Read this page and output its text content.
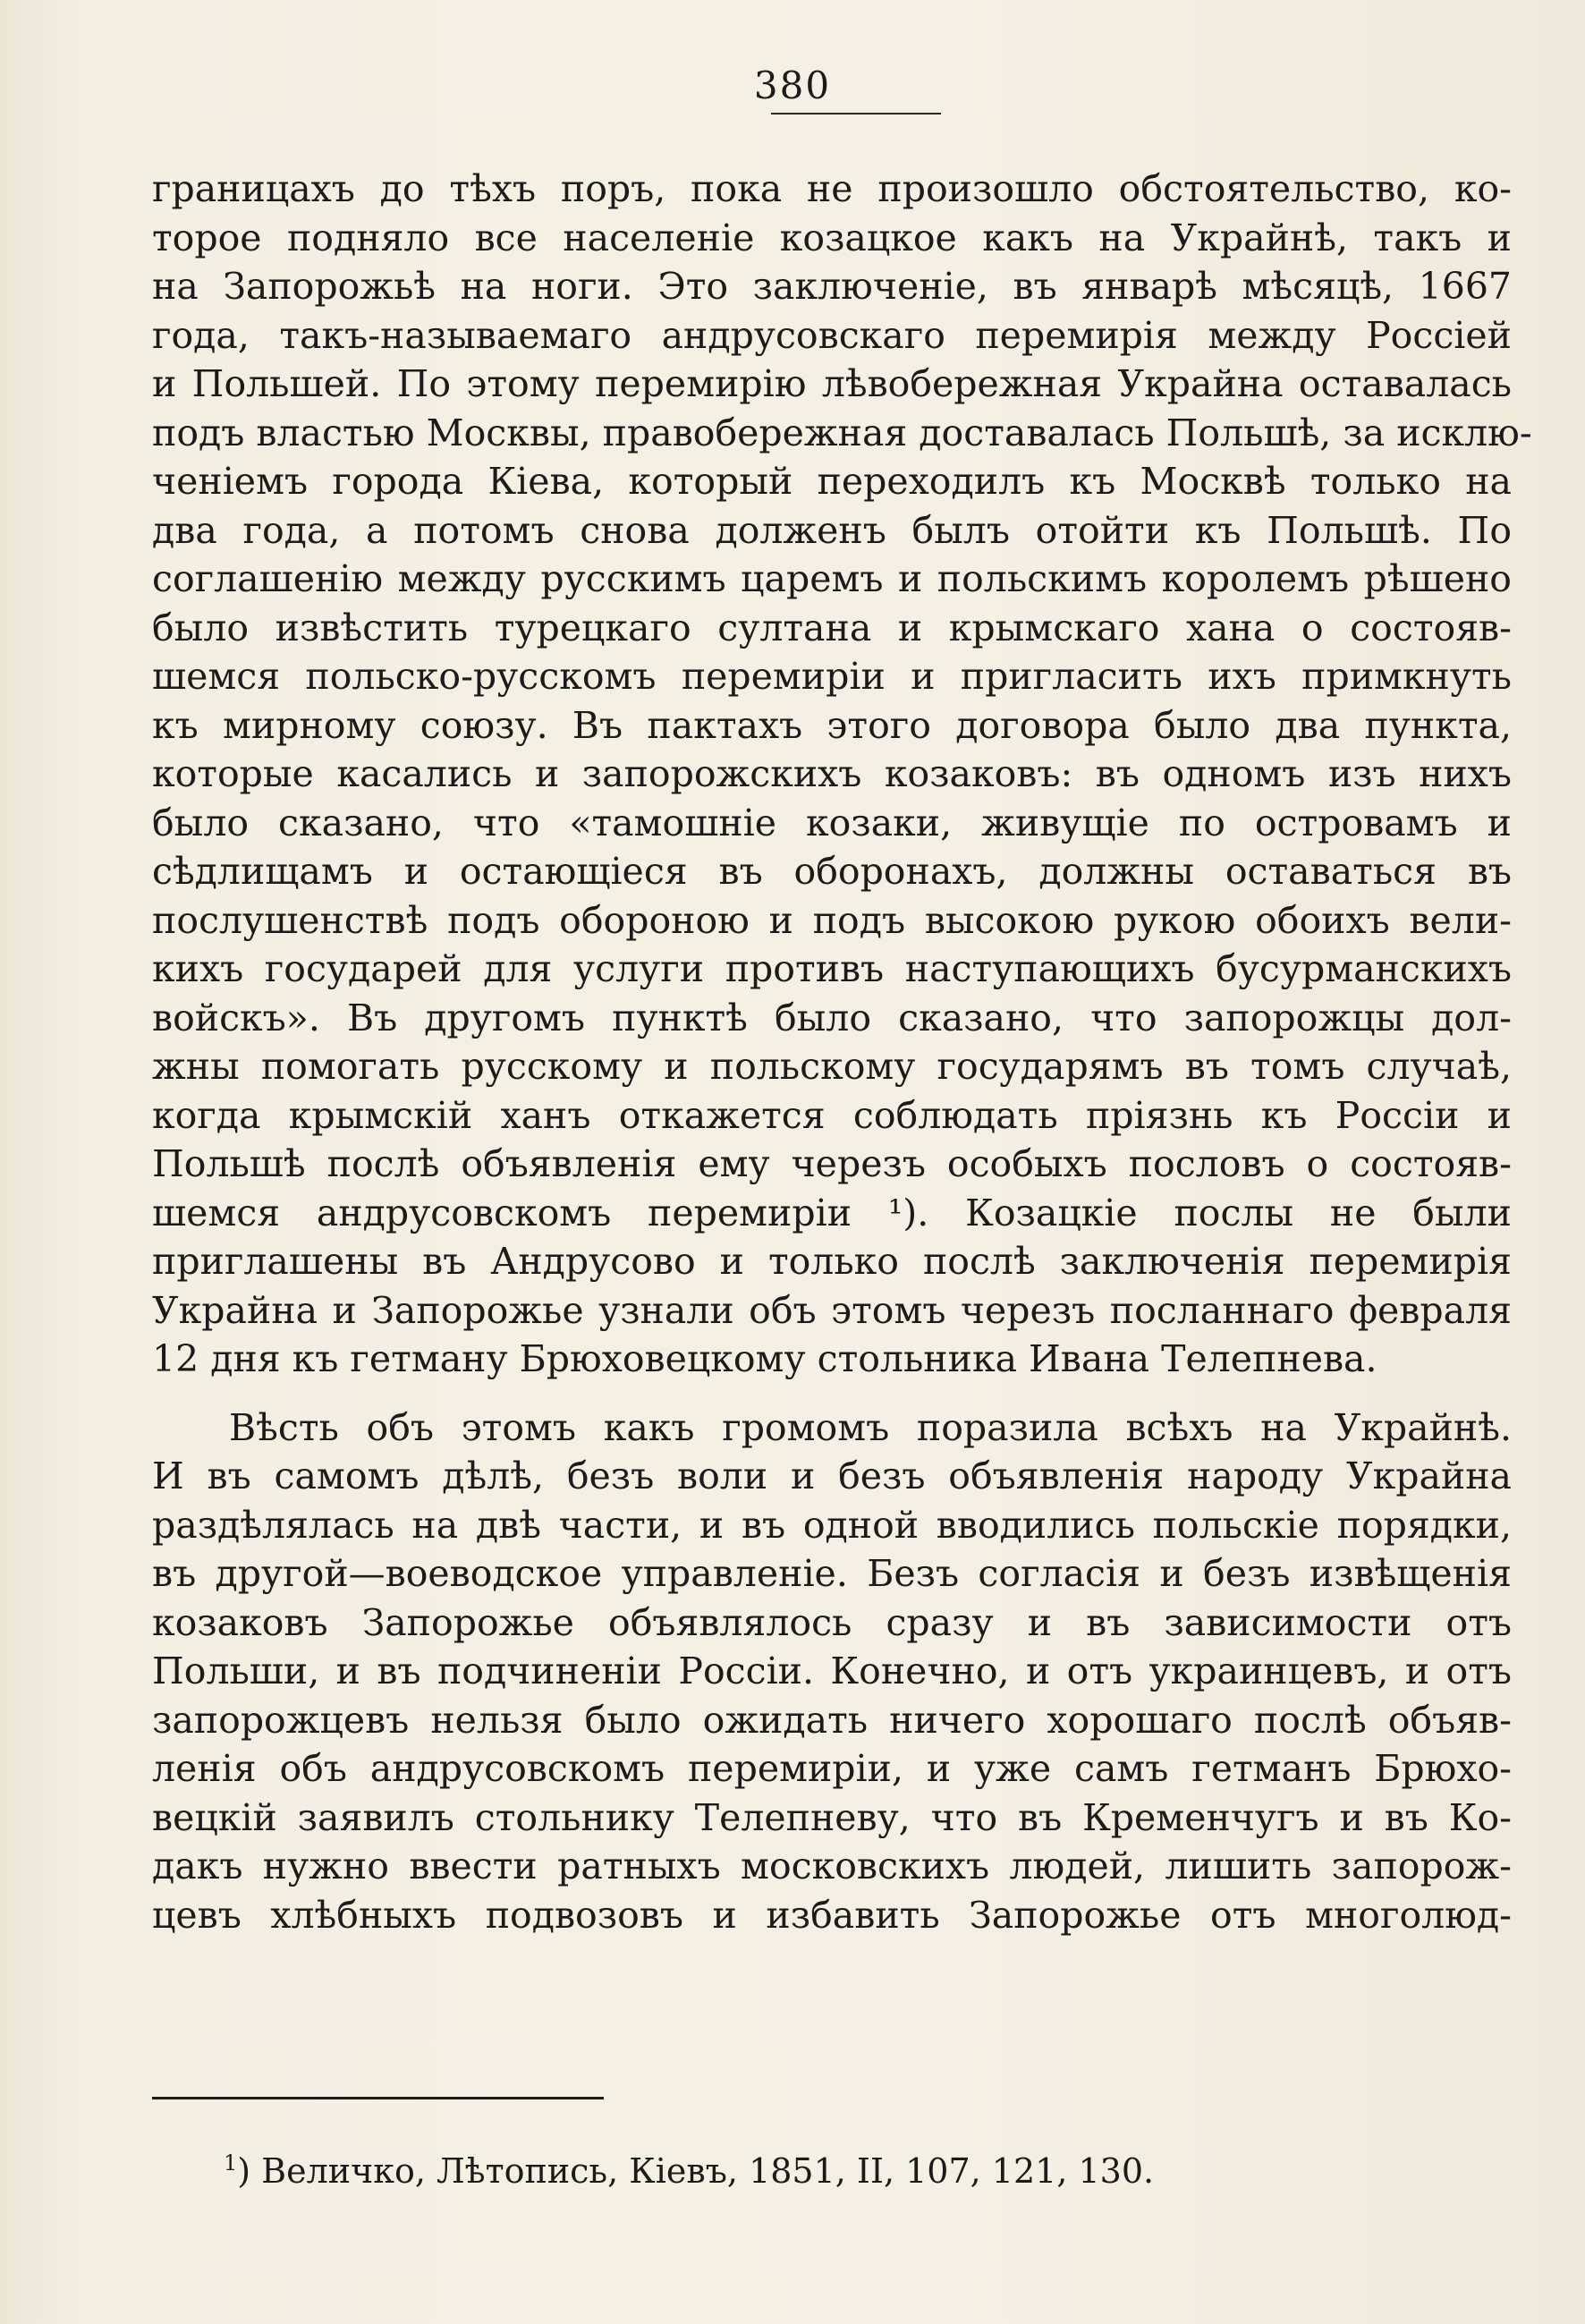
380
границахъ до тѣхъ поръ, пока не произошло обстоятельство, ко-
торое подняло все населеніе козацкое какъ на Украйнѣ, такъ и
на Запорожьѣ на ноги. Это заключеніе, въ январѣ мѣсяцѣ, 1667
года, такъ-называемаго андрусовскаго перемирія между Россіей
и Польшей. По этому перемирію лѣвобережная Украйна оставалась
подъ властью Москвы, правобережная доставалась Польшѣ, за исклю-
ченіемъ города Кіева, который переходилъ къ Москвѣ только на
два года, а потомъ снова долженъ былъ отойти къ Польшѣ. По
соглашенію между русскимъ царемъ и польскимъ королемъ рѣшено
было извѣстить турецкаго султана и крымскаго хана о состояв-
шемся польско-русскомъ перемиріи и пригласить ихъ примкнуть
къ мирному союзу. Въ пактахъ этого договора было два пункта,
которые касались и запорожскихъ козаковъ: въ одномъ изъ нихъ
было сказано, что «тамошніе козаки, живущіе по островамъ и
сѣдлищамъ и остающіеся въ оборонахъ, должны оставаться въ
послушенствѣ подъ обороною и подъ высокою рукою обоихъ вели-
кихъ государей для услуги противъ наступающихъ бусурманскихъ
войскъ». Въ другомъ пунктѣ было сказано, что запорожцы дол-
жны помогать русскому и польскому государямъ въ томъ случаѣ,
когда крымскій ханъ откажется соблюдать пріязнь къ Россіи и
Польшѣ послѣ объявленія ему черезъ особыхъ пословъ о состояв-
шемся андрусовскомъ перемиріи ¹). Козацкіе послы не были
приглашены въ Андрусово и только послѣ заключенія перемирія
Украйна и Запорожье узнали объ этомъ черезъ посланнаго февраля
12 дня къ гетману Брюховецкому стольника Ивана Телепнева.
Вѣсть объ этомъ какъ громомъ поразила всѣхъ на Украйнѣ.
И въ самомъ дѣлѣ, безъ воли и безъ объявленія народу Украйна
раздѣлялась на двѣ части, и въ одной вводились польскіе порядки,
въ другой—воеводское управленіе. Безъ согласія и безъ извѣщенія
козаковъ Запорожье объявлялось сразу и въ зависимости отъ
Польши, и въ подчиненіи Россіи. Конечно, и отъ украинцевъ, и отъ
запорожцевъ нельзя было ожидать ничего хорошаго послѣ объяв-
ленія объ андрусовскомъ перемиріи, и уже самъ гетманъ Брюхо-
вецкій заявилъ стольнику Телепневу, что въ Кременчугъ и въ Ко-
дакъ нужно ввести ратныхъ московскихъ людей, лишить запорож-
цевъ хлѣбныхъ подвозовъ и избавить Запорожье отъ многолюд-
$^1$) Величко, Лѣтопись, Кіевъ, 1851, II, 107, 121, 130.
